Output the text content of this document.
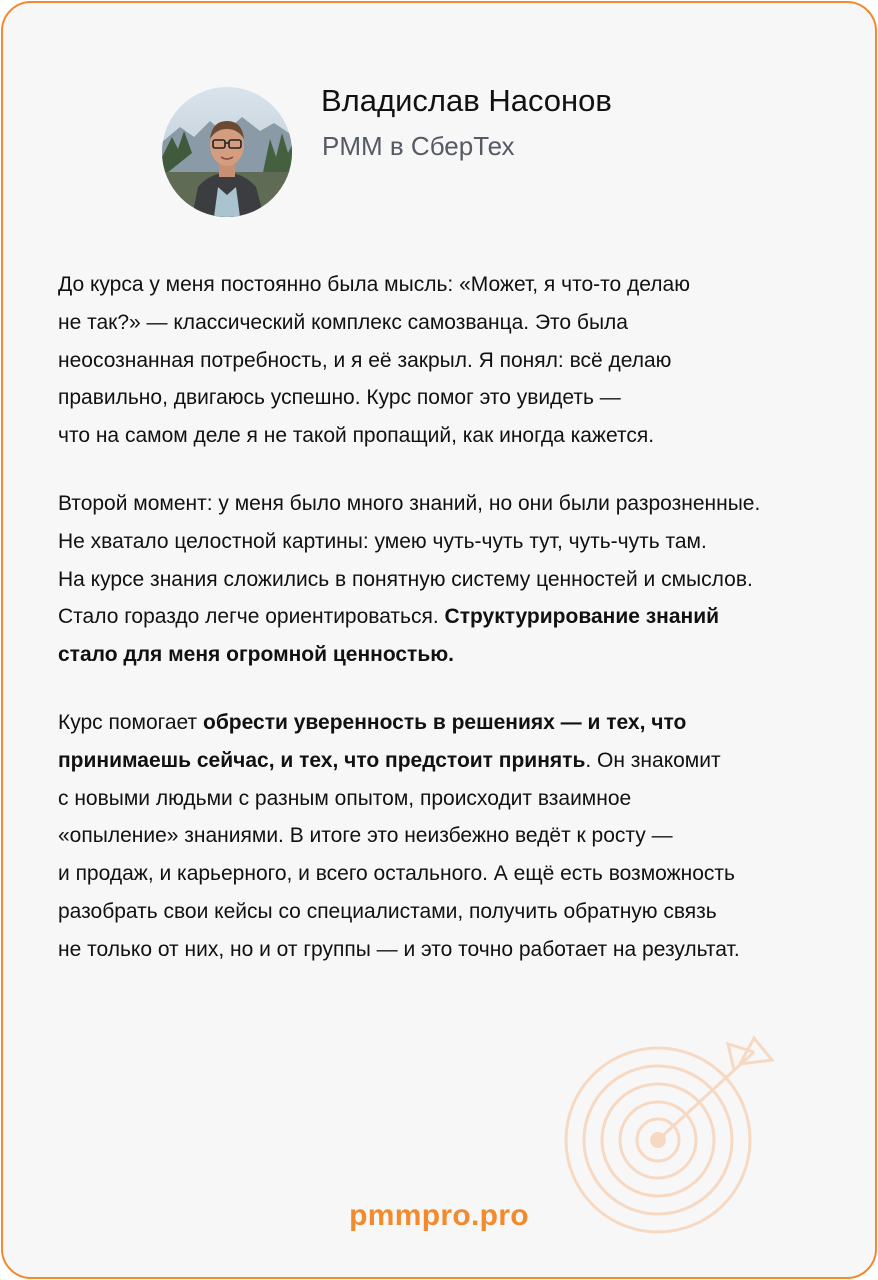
Владислав Насонов
PMM в СберТех

До курса у меня постоянно была мысль: «Может, я что-то делаю
не так?» — классический комплекс самозванца. Это была
неосознанная потребность, и я её закрыл. Я понял: всё делаю
правильно, двигаюсь успешно. Курс помог это увидеть —
что на самом деле я не такой пропащий, как иногда кажется.

Второй момент: у меня было много знаний, но они были разрозненные.
Не хватало целостной картины: умею чуть-чуть тут, чуть-чуть там.
На курсе знания сложились в понятную систему ценностей и смыслов.
Стало гораздо легче ориентироваться. Структурирование знаний
стало для меня огромной ценностью.

Курс помогает обрести уверенность в решениях — и тех, что
принимаешь сейчас, и тех, что предстоит принять. Он знакомит
с новыми людьми с разным опытом, происходит взаимное
«опыление» знаниями. В итоге это неизбежно ведёт к росту —
и продаж, и карьерного, и всего остального. А ещё есть возможность
разобрать свои кейсы со специалистами, получить обратную связь
не только от них, но и от группы — и это точно работает на результат.

pmmpro.pro
